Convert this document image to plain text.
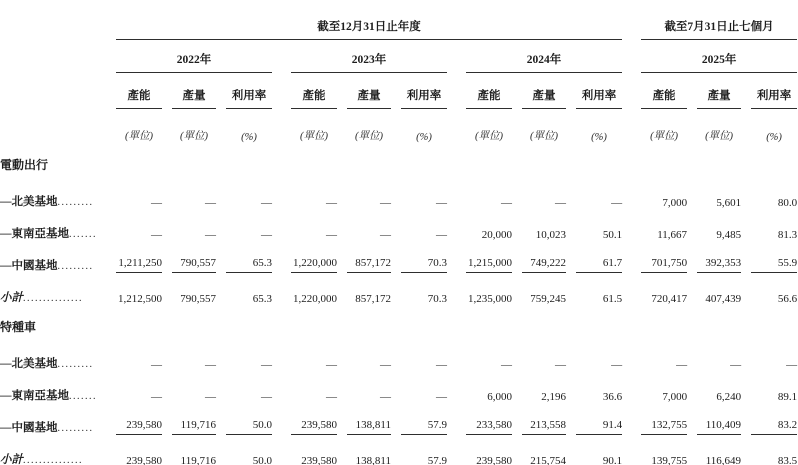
	截至12月31日止年度												截至7月31日止七個月		

	2022年				2023年				2024年				2025年		

	產能	產量	利用率		產能	產量	利用率		產能	產量	利用率		產能	產量	利用率

	(單位)	(單位)	(%)		(單位)	(單位)	(%)		(單位)	(單位)	(%)		(單位)	(單位)	(%)
電動出行															
—北美基地.........	—	—	—		—	—	—		—	—	—		7,000	5,601	80.0
—東南亞基地.......	—	—	—		—	—	—		20,000	10,023	50.1		11,667	9,485	81.3
—中國基地.........	1,211,250	790,557	65.3		1,220,000	857,172	70.3		1,215,000	749,222	61.7		701,750	392,353	55.9

小計...............	1,212,500	790,557	65.3		1,220,000	857,172	70.3		1,235,000	759,245	61.5		720,417	407,439	56.6
特種車															
—北美基地.........	—	—	—		—	—	—		—	—	—		—	—	—
—東南亞基地.......	—	—	—		—	—	—		6,000	2,196	36.6		7,000	6,240	89.1
—中國基地.........	239,580	119,716	50.0		239,580	138,811	57.9		233,580	213,558	91.4		132,755	110,409	83.2

小計...............	239,580	119,716	50.0		239,580	138,811	57.9		239,580	215,754	90.1		139,755	116,649	83.5
